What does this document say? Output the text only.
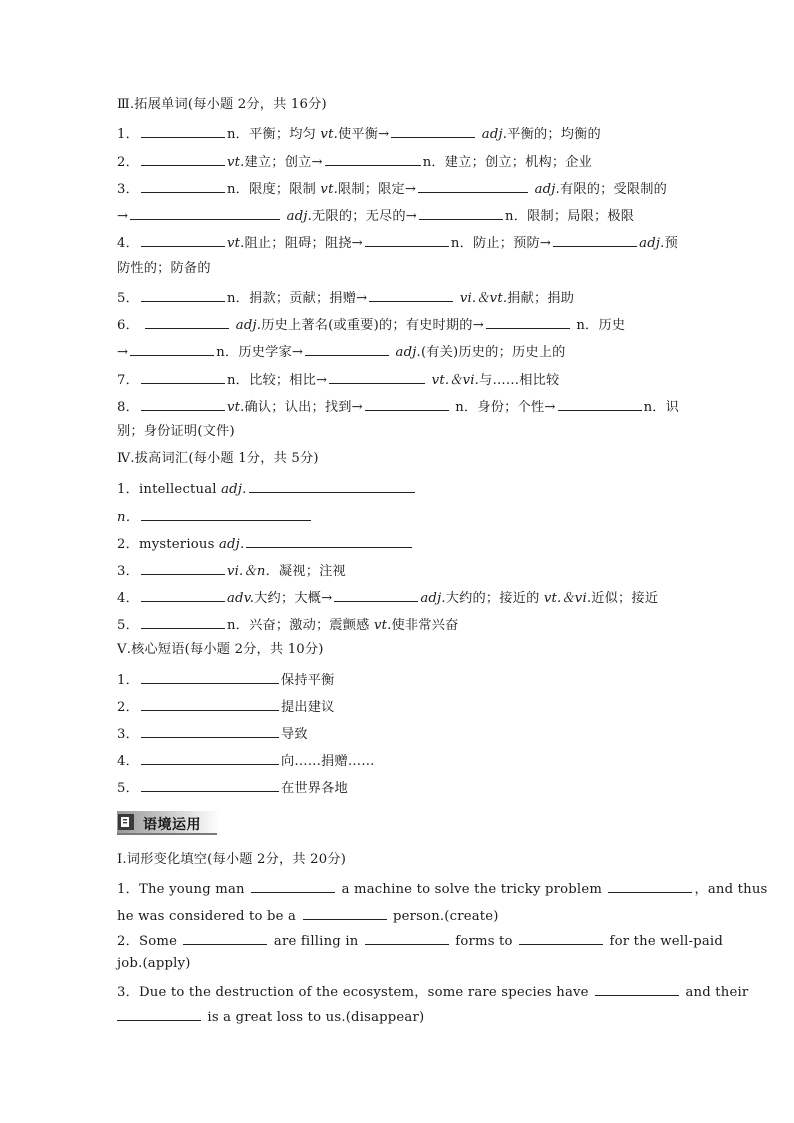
Ⅲ.拓展单词(每小题 2分，共 16分)
1．	n．平衡；均匀 vt.使平衡→	adj.平衡的；均衡的
2．	vt.建立；创立→	n．建立；创立；机构；企业
3．	n．限度；限制 vt.限制；限定→	adj.有限的；受限制的
→	adj.无限的；无尽的→	n．限制；局限；极限
4．	vt.阻止；阻碍；阻挠→	n．防止；预防→	adj.预
防性的；防备的
5．	n．捐款；贡献；捐赠→	vi.＆vt.捐献；捐助
6．	adj.历史上著名(或重要)的；有史时期的→	n．历史
→	n．历史学家→	adj.(有关)历史的；历史上的
7．	n．比较；相比→	vt.＆vi.与……相比较
8．	vt.确认；认出；找到→	n．身份；个性→	n．识
别；身份证明(文件)
Ⅳ.拔高词汇(每小题 1分，共 5分)
1．intellectual adj.
n．
2．mysterious adj.
3．	vi.＆n．凝视；注视
4．	adv.大约；大概→	adj.大约的；接近的 vt.＆vi.近似；接近
5．	n．兴奋；激动；震颤感 vt.使非常兴奋
Ⅴ.核心短语(每小题 2分，共 10分)
1．	保持平衡
2．	提出建议
3．	导致
4．	向……捐赠……
5．	在世界各地
语境运用
Ⅰ.词形变化填空(每小题 2分，共 20分)
1．The young man	a machine to solve the tricky problem	，and thus
he was considered to be a	person.(create)
2．Some	are filling in	forms to	for the well-paid
job.(apply)
3．Due to the destruction of the ecosystem，some rare species have	and their
is a great loss to us.(disappear)
